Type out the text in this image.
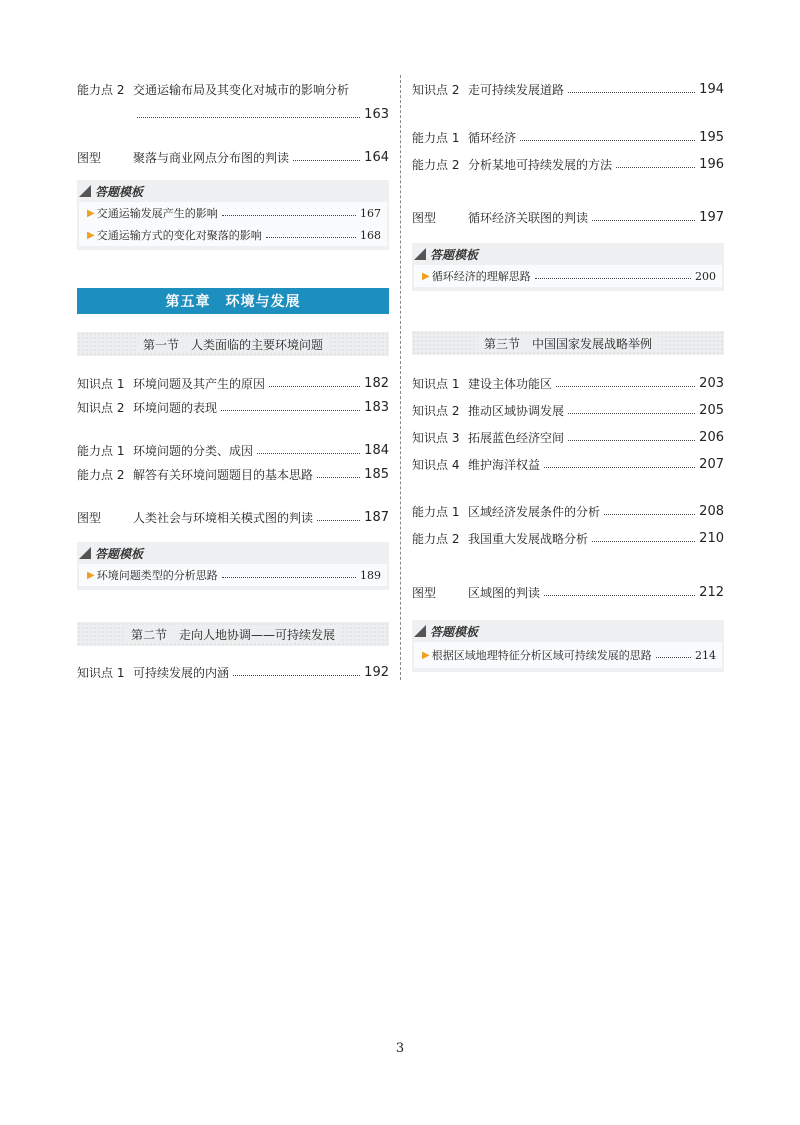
能力点 2 交通运输布局及其变化对城市的影响分析
163
图型	聚落与商业网点分布图的判读	164
答题模板
▶ 交通运输发展产生的影响	167
▶ 交通运输方式的变化对聚落的影响	168
第五章　环境与发展
第一节　人类面临的主要环境问题
知识点 1 环境问题及其产生的原因	182
知识点 2 环境问题的表现	183
能力点 1 环境问题的分类、成因	184
能力点 2 解答有关环境问题题目的基本思路	185
图型	人类社会与环境相关模式图的判读	187
答题模板
▶ 环境问题类型的分析思路	189
第二节　走向人地协调——可持续发展
知识点 1 可持续发展的内涵	192
知识点 2 走可持续发展道路	194
能力点 1 循环经济	195
能力点 2 分析某地可持续发展的方法	196
图型	循环经济关联图的判读	197
答题模板
▶ 循环经济的理解思路	200
第三节　中国国家发展战略举例
知识点 1 建设主体功能区	203
知识点 2 推动区域协调发展	205
知识点 3 拓展蓝色经济空间	206
知识点 4 维护海洋权益	207
能力点 1 区域经济发展条件的分析	208
能力点 2 我国重大发展战略分析	210
图型	区域图的判读	212
答题模板
▶ 根据区域地理特征分析区域可持续发展的思路	214
3
